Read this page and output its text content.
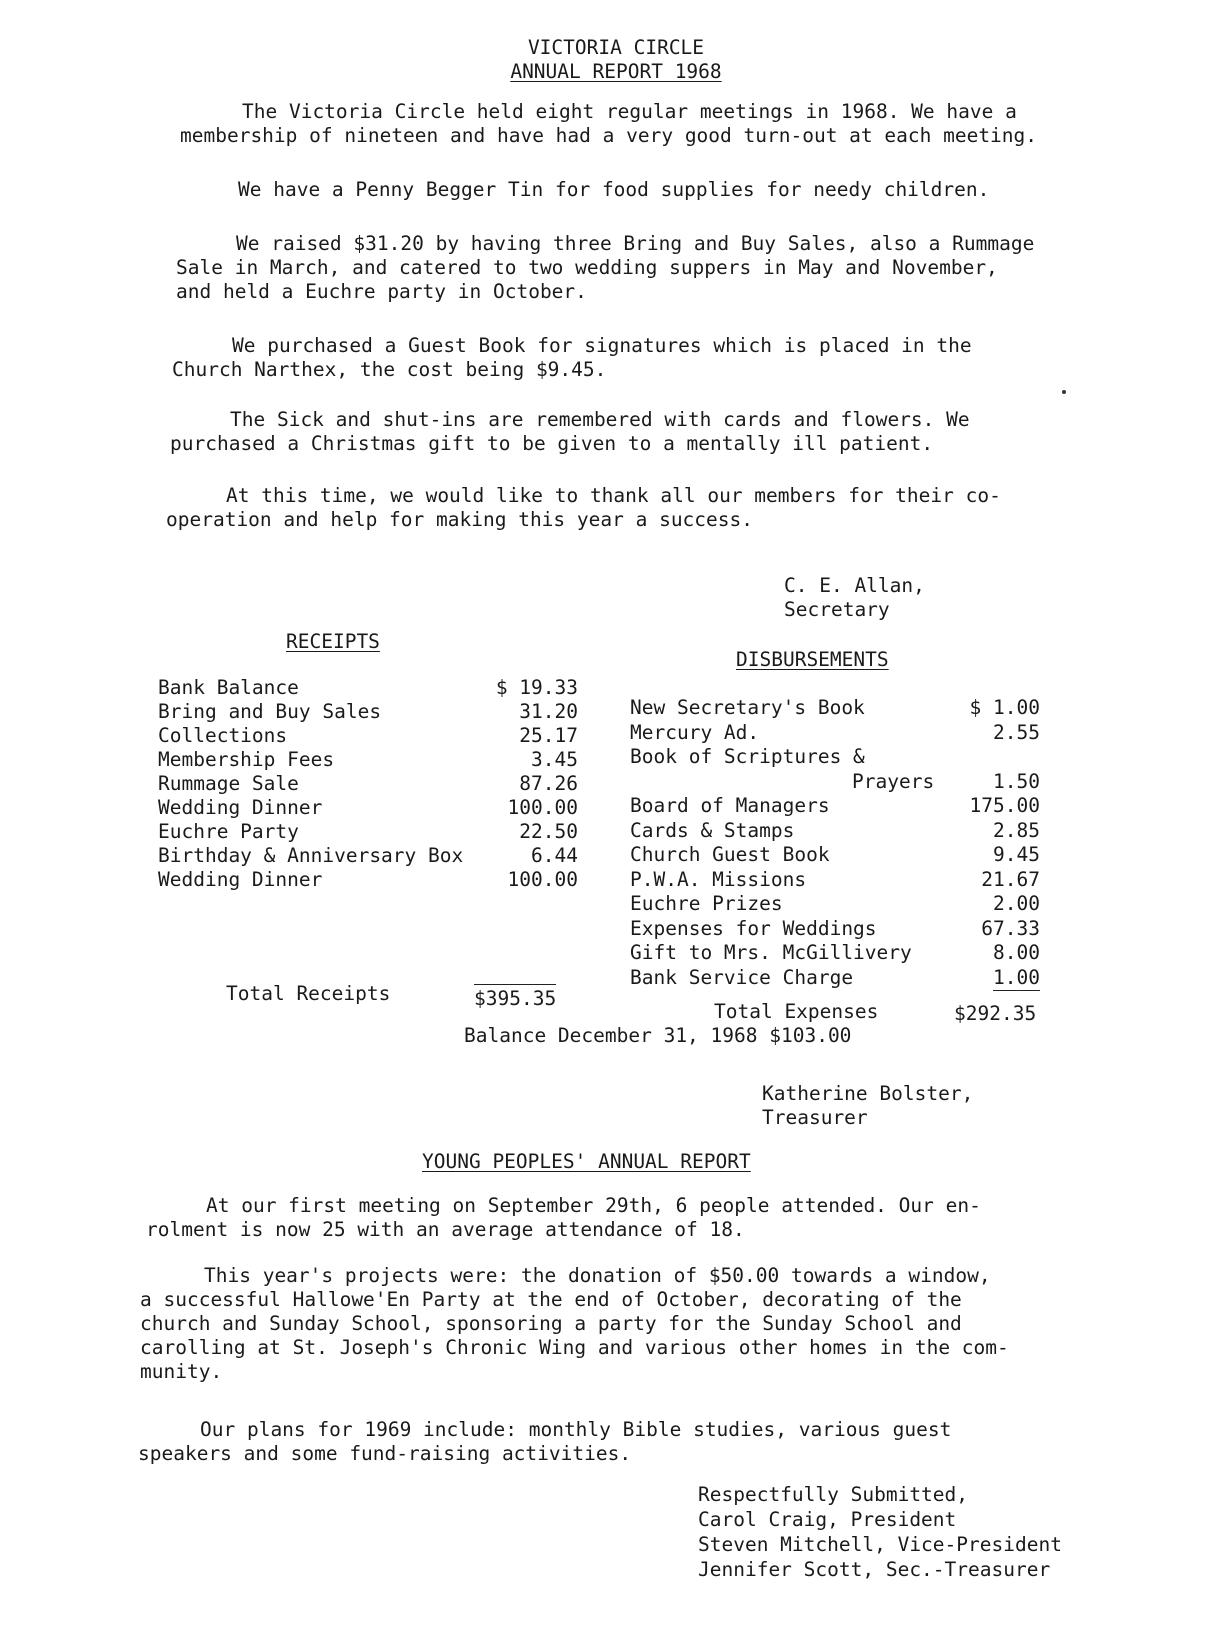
VICTORIA CIRCLE
ANNUAL REPORT 1968
The Victoria Circle held eight regular meetings in 1968. We have a
membership of nineteen and have had a very good turn-out at each meeting.
We have a Penny Begger Tin for food supplies for needy children.
We raised $31.20 by having three Bring and Buy Sales, also a Rummage
Sale in March, and catered to two wedding suppers in May and November,
and held a Euchre party in October.
We purchased a Guest Book for signatures which is placed in the
Church Narthex, the cost being $9.45.
The Sick and shut-ins are remembered with cards and flowers. We
purchased a Christmas gift to be given to a mentally ill patient.
At this time, we would like to thank all our members for their co-
operation and help for making this year a success.
C. E. Allan,
Secretary
RECEIPTS
Bank Balance	$ 19.33
Bring and Buy Sales	31.20
Collections	25.17
Membership Fees	3.45
Rummage Sale	87.26
Wedding Dinner	100.00
Euchre Party	22.50
Birthday & Anniversary Box	6.44
Wedding Dinner	100.00
Total Receipts	$395.35
DISBURSEMENTS
New Secretary's Book	$ 1.00
Mercury Ad.	2.55
Book of Scriptures &
Prayers	1.50
Board of Managers	175.00
Cards & Stamps	2.85
Church Guest Book	9.45
P.W.A. Missions	21.67
Euchre Prizes	2.00
Expenses for Weddings	67.33
Gift to Mrs. McGillivery	8.00
Bank Service Charge	1.00
Total Expenses	$292.35
Balance December 31, 1968 $103.00
Katherine Bolster,
Treasurer
YOUNG PEOPLES' ANNUAL REPORT
At our first meeting on September 29th, 6 people attended. Our en-
rolment is now 25 with an average attendance of 18.
This year's projects were: the donation of $50.00 towards a window,
a successful Hallowe'En Party at the end of October, decorating of the
church and Sunday School, sponsoring a party for the Sunday School and
carolling at St. Joseph's Chronic Wing and various other homes in the com-
munity.
Our plans for 1969 include: monthly Bible studies, various guest
speakers and some fund-raising activities.
Respectfully Submitted,
Carol Craig, President
Steven Mitchell, Vice-President
Jennifer Scott, Sec.-Treasurer
